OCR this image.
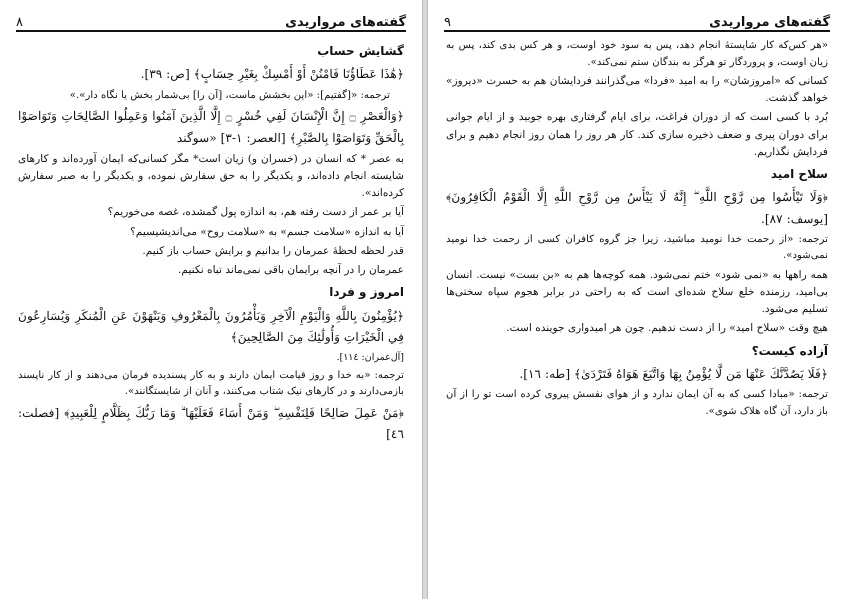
گفته‌های مرواریدی
۸
گشایش حساب

﴿هَٰذَا عَطَاؤُنَا فَامْنُنْ أَوْ أَمْسِكْ بِغَيْرِ حِسَابٍ﴾ [ص: ٣٩].

ترجمه: «[گفتیم]: «این بخشش ماست، [آن را] بی‌شمار بخش یا نگاه دار».»

﴿وَالْعَصْرِ ۝ إِنَّ الْإِنْسَانَ لَفِي خُسْرٍ ۝ إِلَّا الَّذِينَ آمَنُوا وَعَمِلُوا الصَّالِحَاتِ وَتَوَاصَوْا بِالْحَقِّ وَتَوَاصَوْا بِالصَّبْرِ﴾ [العصر: ١-٣] «سوگند

به عصر * که انسان در (خسران و) زیان است* مگر کسانی‌که ایمان آورده‌اند و کارهای شایسته انجام داده‌اند، و یکدیگر را به حق سفارش نموده، و یکدیگر را به صبر سفارش کرده‌اند».

آیا بر عمر از دست رفته هم، به اندازه پول گمشده، غصه می‌خوریم؟

آیا به اندازه «سلامت جسم» به «سلامت روح» می‌اندیشیسیم؟

قدر لحظه لحظهٔ عمرمان را بدانیم و برایش حساب باز کنیم.

عمرمان را در آنچه برایمان باقی نمی‌ماند تباه نکنیم.

امروز و فردا

﴿يُؤْمِنُونَ بِاللَّهِ وَالْيَوْمِ الْآخِرِ وَيَأْمُرُونَ بِالْمَعْرُوفِ وَيَنْهَوْنَ عَنِ الْمُنكَرِ وَيُسَارِعُونَ فِي الْخَيْرَاتِ وَأُولَٰئِكَ مِنَ الصَّالِحِينَ﴾

[آل‌عمران: ١١٤].

ترجمه: «به خدا و روز قیامت ایمان دارند و به کار پسندیده فرمان می‌دهند و از کار ناپسند بازمی‌دارند و در کارهای نیک شتاب می‌کنند، و آنان از شایستگانند».

﴿مَنْ عَمِلَ صَالِحًا فَلِنَفْسِهِ ۖ وَمَنْ أَسَاءَ فَعَلَيْهَا ۗ وَمَا رَبُّكَ بِظَلَّامٍ لِلْعَبِيدِ﴾ [فصلت: ٤٦]

گفته‌های مرواریدی
۹

«هر کس‌که کار شایستهٔ انجام دهد، پس به سود خود اوست، و هر کس بدی کند، پس به زیان اوست، و پروردگار تو هرگز به بندگان ستم نمی‌کند».

کسانی که «امروزشان» را به امید «فردا» می‌گذرانند فردایشان هم به حسرت «دیروز» خواهد گذشت.

بُرد با کسی است که از دوران فراغت، برای ایام گرفتاری بهره جوبید و از ایام جوانی برای دوران پیری و ضعف ذخیره سازی کند. کار هر روز را همان روز انجام دهیم و برای فردایش نگذاریم.

سلاح امید

﴿وَلَا تَيْأَسُوا مِن رَّوْحِ اللَّهِ ۖ إِنَّهُ لَا يَيْأَسُ مِن رَّوْحِ اللَّهِ إِلَّا الْقَوْمُ الْكَافِرُونَ﴾ [یوسف: ٨٧].

ترجمه: «از رحمت خدا نومید مباشید، زیرا جز گروه کافران کسی از رحمت خدا نومید نمی‌شود».

همه راهها به «نمی شود» ختم نمی‌شود. همه کوچه‌ها هم به «بن بست» نیست. انسان بی‌امید، رزمنده خلع سلاح شده‌ای است که به راحتی در برابر هجوم سپاه سختی‌ها تسلیم می‌شود.

هیچ وقت «سلاح امید» را از دست ندهیم. چون هر امیدواری جوینده است.

آزاده کیست؟

﴿فَلَا يَصُدَّنَّكَ عَنْهَا مَن لَّا يُؤْمِنُ بِهَا وَاتَّبَعَ هَوَاهُ فَتَرْدَىٰ﴾ [طه: ١٦].

ترجمه: «مبادا کسی که به آن ایمان ندارد و از هوای نفسش پیروی کرده است تو را از آن باز دارد، آن گاه هلاک شوی».
